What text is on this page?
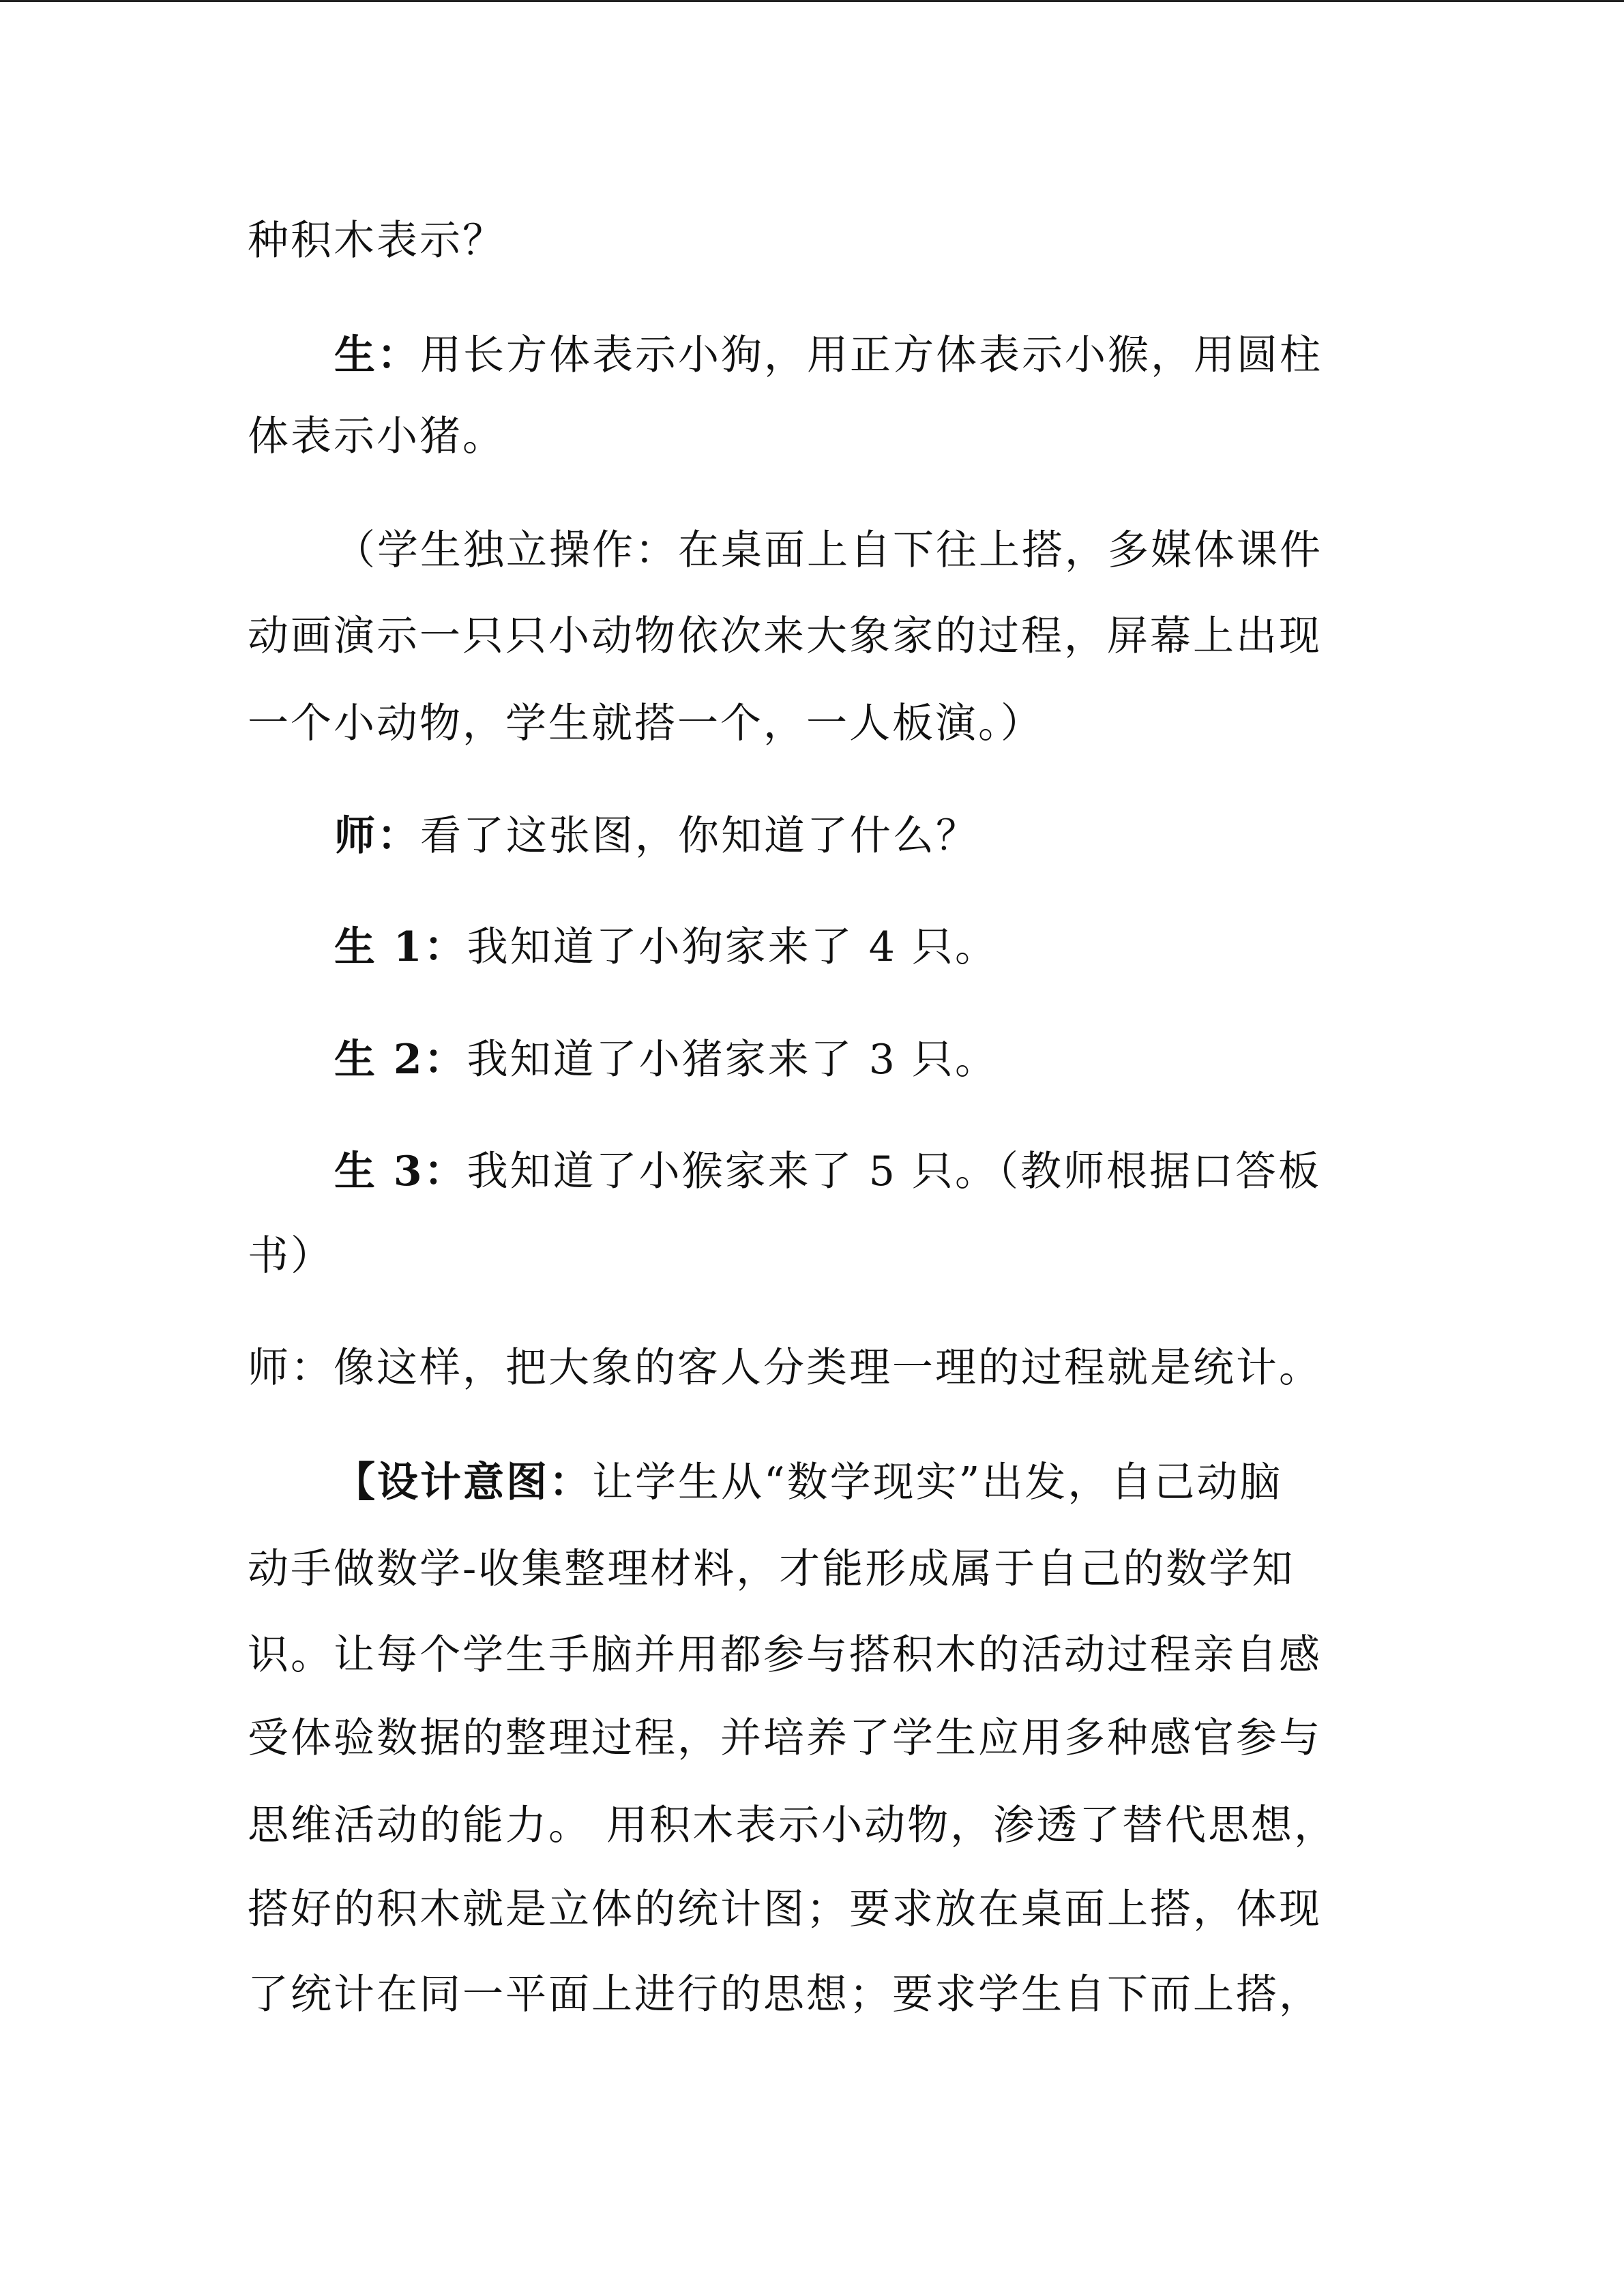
种积木表示？
生：用长方体表示小狗，用正方体表示小猴，用圆柱
体表示小猪。
（学生独立操作：在桌面上自下往上搭，多媒体课件
动画演示一只只小动物依次来大象家的过程，屏幕上出现
一个小动物，学生就搭一个，一人板演。）
师：看了这张图，你知道了什么？
生 1：我知道了小狗家来了 4 只。
生 2：我知道了小猪家来了 3 只。
生 3：我知道了小猴家来了 5 只。（教师根据口答板
书）
师：像这样，把大象的客人分类理一理的过程就是统计。
【设计意图：让学生从“数学现实”出发，自己动脑
动手做数学-收集整理材料，才能形成属于自己的数学知
识。让每个学生手脑并用都参与搭积木的活动过程亲自感
受体验数据的整理过程，并培养了学生应用多种感官参与
思维活动的能力。 用积木表示小动物，渗透了替代思想，
搭好的积木就是立体的统计图；要求放在桌面上搭，体现
了统计在同一平面上进行的思想；要求学生自下而上搭，
